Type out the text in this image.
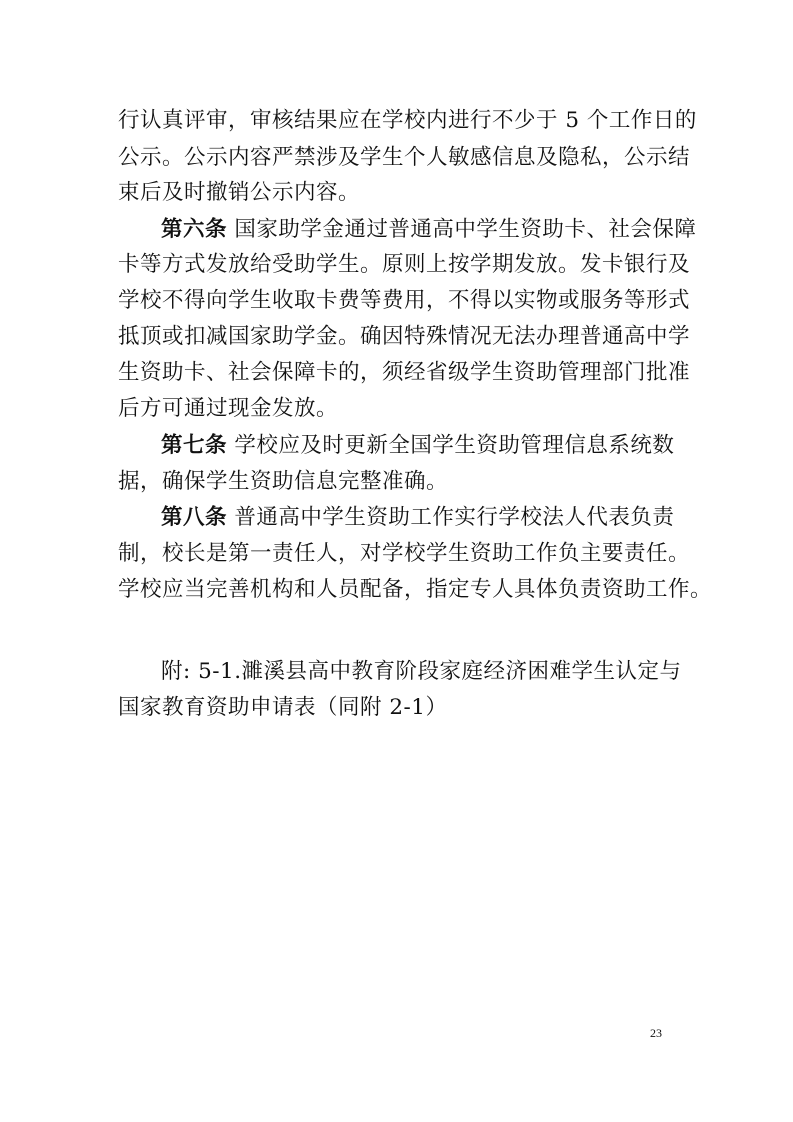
行认真评审，审核结果应在学校内进行不少于 5 个工作日的
公示。公示内容严禁涉及学生个人敏感信息及隐私，公示结
束后及时撤销公示内容。
第六条 国家助学金通过普通高中学生资助卡、社会保障
卡等方式发放给受助学生。原则上按学期发放。发卡银行及
学校不得向学生收取卡费等费用，不得以实物或服务等形式
抵顶或扣减国家助学金。确因特殊情况无法办理普通高中学
生资助卡、社会保障卡的，须经省级学生资助管理部门批准
后方可通过现金发放。
第七条 学校应及时更新全国学生资助管理信息系统数
据，确保学生资助信息完整准确。
第八条 普通高中学生资助工作实行学校法人代表负责
制，校长是第一责任人，对学校学生资助工作负主要责任。
学校应当完善机构和人员配备，指定专人具体负责资助工作。
附: 5-1.濉溪县高中教育阶段家庭经济困难学生认定与
国家教育资助申请表（同附 2-1）
23
